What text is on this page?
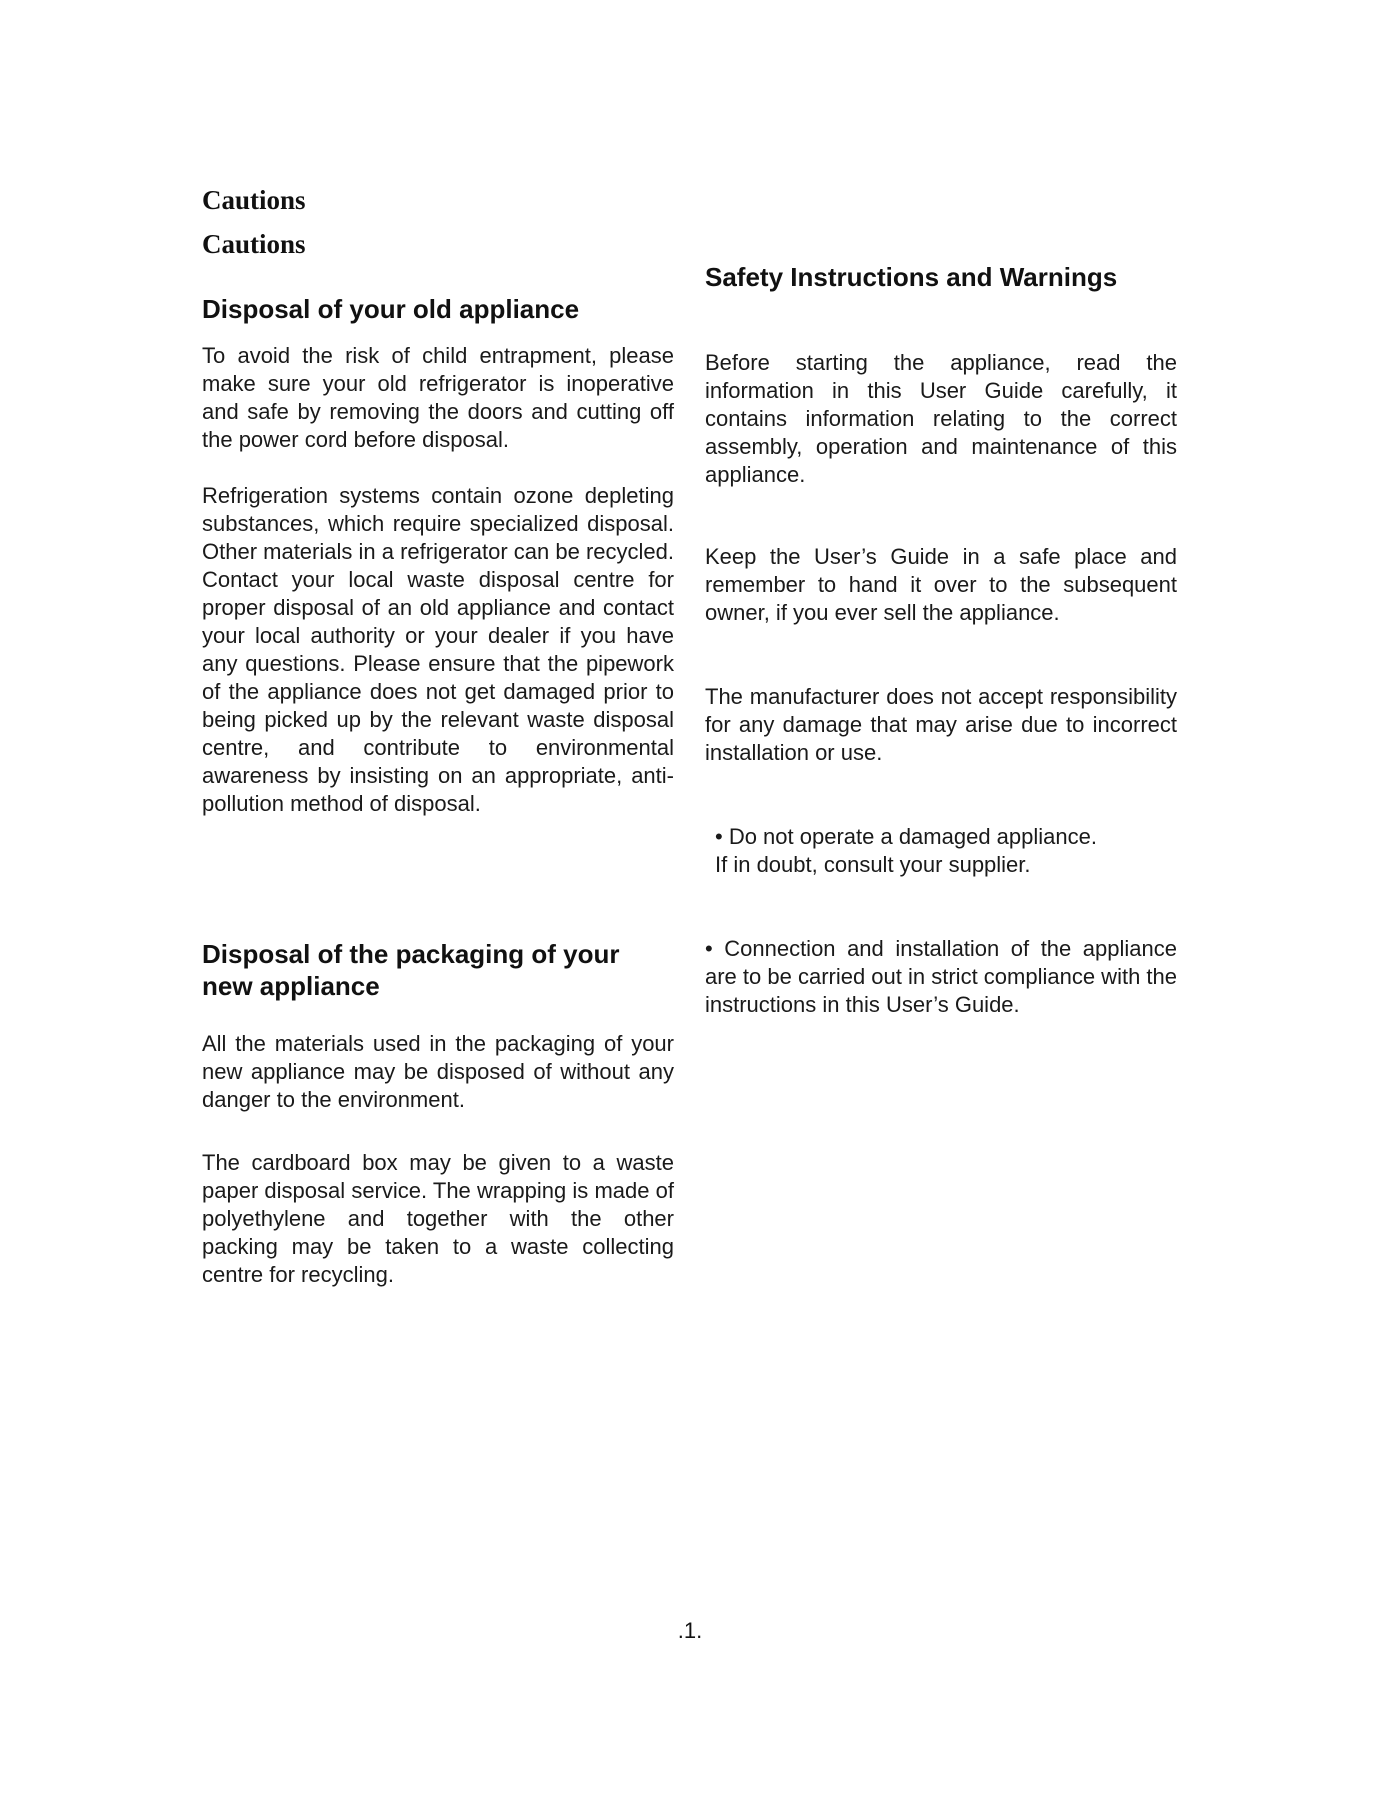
Cautions
Cautions
Disposal of your old appliance

To avoid the risk of child entrapment, please make sure your old refrigerator is inoperative and safe by removing the doors and cutting off the power cord before disposal.

Refrigeration systems contain ozone depleting substances, which require specialized disposal. Other materials in a refrigerator can be recycled. Contact your local waste disposal centre for proper disposal of an old appliance and contact your local authority or your dealer if you have any questions. Please ensure that the pipework of the appliance does not get damaged prior to being picked up by the relevant waste disposal centre, and contribute to environmental awareness by insisting on an appropriate, anti-pollution method of disposal.

Disposal of the packaging of your new appliance

All the materials used in the packaging of your new appliance may be disposed of without any danger to the environment.

The cardboard box may be given to a waste paper disposal service. The wrapping is made of polyethylene and together with the other packing may be taken to a waste collecting centre for recycling.

Safety Instructions and Warnings

Before starting the appliance, read the information in this User Guide carefully, it contains information relating to the correct assembly, operation and maintenance of this appliance.

Keep the User’s Guide in a safe place and remember to hand it over to the subsequent owner, if you ever sell the appliance.

The manufacturer does not accept responsibility for any damage that may arise due to incorrect installation or use.

• Do not operate a damaged appliance.

If in doubt, consult your supplier.

• Connection and installation of the appliance are to be carried out in strict compliance with the instructions in this User’s Guide.

.1.
